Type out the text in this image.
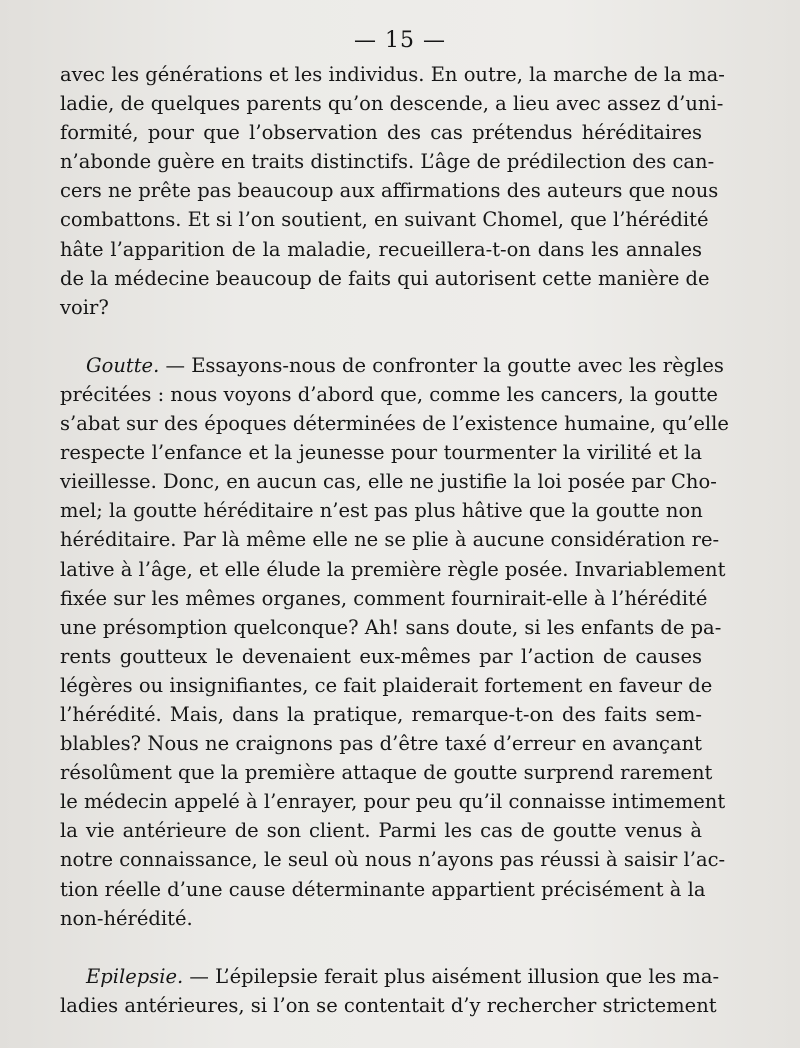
— 15 —
avec les générations et les individus. En outre, la marche de la ma-
ladie, de quelques parents qu’on descende, a lieu avec assez d’uni-
formité, pour que l’observation des cas prétendus héréditaires
n’abonde guère en traits distinctifs. L’âge de prédilection des can-
cers ne prête pas beaucoup aux affirmations des auteurs que nous
combattons. Et si l’on soutient, en suivant Chomel, que l’hérédité
hâte l’apparition de la maladie, recueillera-t-on dans les annales
de la médecine beaucoup de faits qui autorisent cette manière de
voir?
Goutte. — Essayons-nous de confronter la goutte avec les règles
précitées : nous voyons d’abord que, comme les cancers, la goutte
s’abat sur des époques déterminées de l’existence humaine, qu’elle
respecte l’enfance et la jeunesse pour tourmenter la virilité et la
vieillesse. Donc, en aucun cas, elle ne justifie la loi posée par Cho-
mel; la goutte héréditaire n’est pas plus hâtive que la goutte non
héréditaire. Par là même elle ne se plie à aucune considération re-
lative à l’âge, et elle élude la première règle posée. Invariablement
fixée sur les mêmes organes, comment fournirait-elle à l’hérédité
une présomption quelconque? Ah! sans doute, si les enfants de pa-
rents goutteux le devenaient eux-mêmes par l’action de causes
légères ou insignifiantes, ce fait plaiderait fortement en faveur de
l’hérédité. Mais, dans la pratique, remarque-t-on des faits sem-
blables? Nous ne craignons pas d’être taxé d’erreur en avançant
résolûment que la première attaque de goutte surprend rarement
le médecin appelé à l’enrayer, pour peu qu’il connaisse intimement
la vie antérieure de son client. Parmi les cas de goutte venus à
notre connaissance, le seul où nous n’ayons pas réussi à saisir l’ac-
tion réelle d’une cause déterminante appartient précisément à la
non-hérédité.
Epilepsie. — L’épilepsie ferait plus aisément illusion que les ma-
ladies antérieures, si l’on se contentait d’y rechercher strictement
